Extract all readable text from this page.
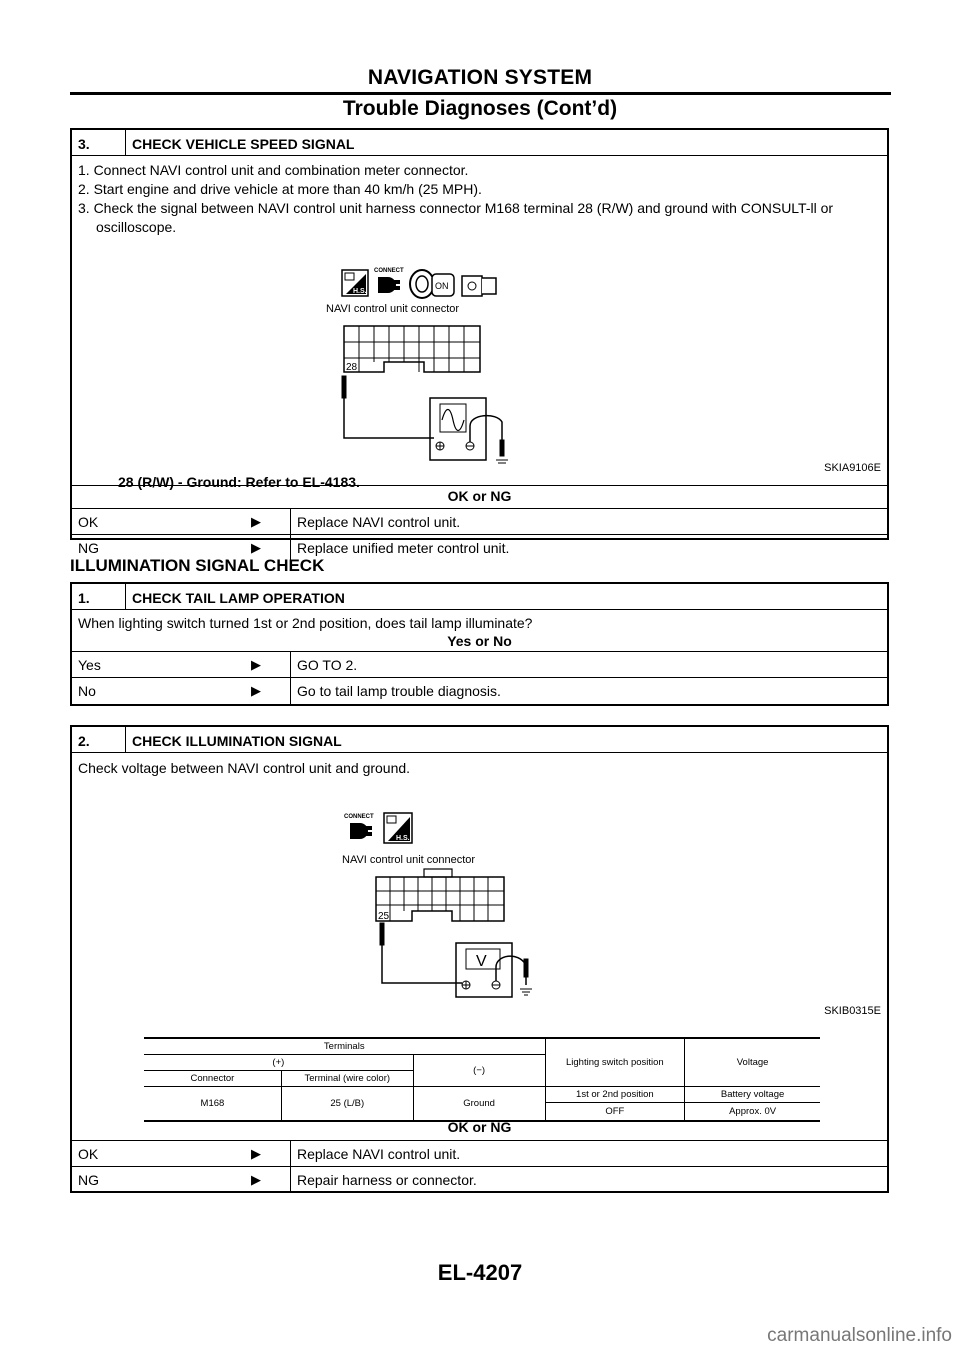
NAVIGATION SYSTEM
Trouble Diagnoses (Cont’d)
3.	CHECK VEHICLE SPEED SIGNAL

1. Connect NAVI control unit and combination meter connector.

2. Start engine and drive vehicle at more than 40 km/h (25 MPH).

3. Check the signal between NAVI control unit harness connector M168 terminal 28 (R/W) and ground with CONSULT-ll or

oscilloscope.

H.S.
CONNECT
ON
NAVI control unit connector
28
SKIA9106E

28 (R/W) - Ground: Refer to EL-4183.

OK or NG
OK	▶	Replace NAVI control unit.
NG	▶	Replace unified meter control unit.
ILLUMINATION SIGNAL CHECK
1.	CHECK TAIL LAMP OPERATION

When lighting switch turned 1st or 2nd position, does tail lamp illuminate?

Yes or No

Yes	▶	GO TO 2.
No	▶	Go to tail lamp trouble diagnosis.
2.	CHECK ILLUMINATION SIGNAL

Check voltage between NAVI control unit and ground.

CONNECT
H.S.
NAVI control unit connector
25
V
SKIB0315E
Terminals			Lighting switch position	Voltage
(+)		(−)		
Connector	Terminal (wire color)			
M168	25 (L/B)	Ground	1st or 2nd position	Battery voltage
			OFF	Approx. 0V

OK or NG

OK	▶	Replace NAVI control unit.
NG	▶	Repair harness or connector.
EL-4207
carmanualsonline.info
